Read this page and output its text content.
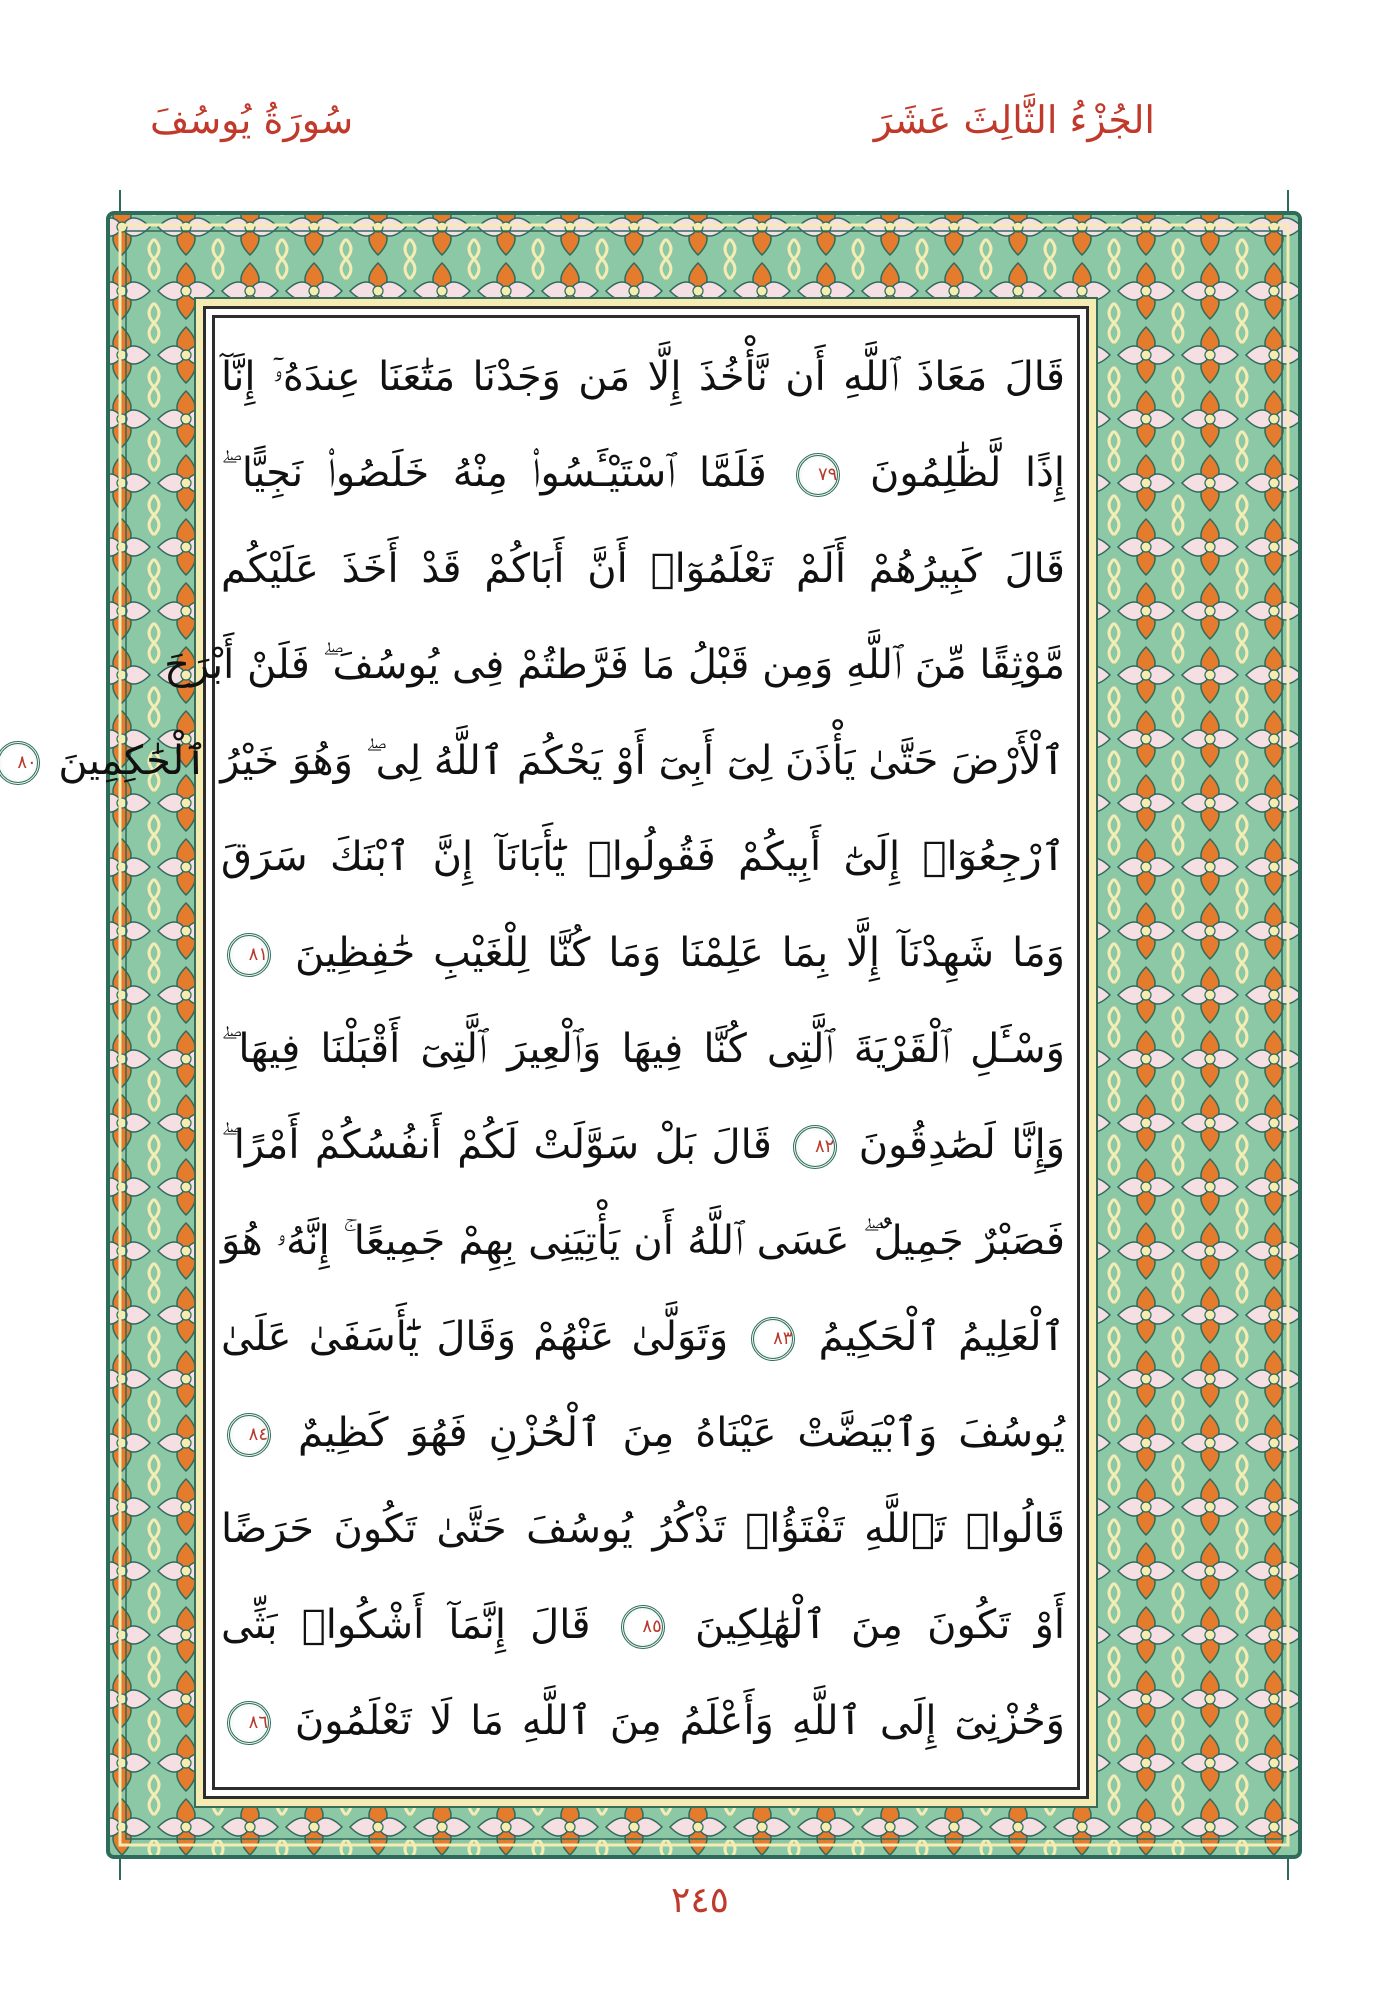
الجُزْءُ الثَّالِثَ عَشَرَ
سُورَةُ يُوسُفَ
قَالَ مَعَاذَ ٱللَّهِ أَن نَّأْخُذَ إِلَّا مَن وَجَدْنَا مَتَٰعَنَا عِندَهُۥٓ إِنَّآ
إِذًا لَّظَٰلِمُونَ ٧٩ فَلَمَّا ٱسْتَيْـَٔسُوا۟ مِنْهُ خَلَصُوا۟ نَجِيًّا ۖ
قَالَ كَبِيرُهُمْ أَلَمْ تَعْلَمُوٓا۟ أَنَّ أَبَاكُمْ قَدْ أَخَذَ عَلَيْكُم
مَّوْثِقًا مِّنَ ٱللَّهِ وَمِن قَبْلُ مَا فَرَّطتُمْ فِى يُوسُفَ ۖ فَلَنْ أَبْرَحَ
ٱلْأَرْضَ حَتَّىٰ يَأْذَنَ لِىٓ أَبِىٓ أَوْ يَحْكُمَ ٱللَّهُ لِى ۖ وَهُوَ خَيْرُ ٱلْحَٰكِمِينَ ٨٠
ٱرْجِعُوٓا۟ إِلَىٰٓ أَبِيكُمْ فَقُولُوا۟ يَٰٓأَبَانَآ إِنَّ ٱبْنَكَ سَرَقَ
وَمَا شَهِدْنَآ إِلَّا بِمَا عَلِمْنَا وَمَا كُنَّا لِلْغَيْبِ حَٰفِظِينَ ٨١
وَسْـَٔلِ ٱلْقَرْيَةَ ٱلَّتِى كُنَّا فِيهَا وَٱلْعِيرَ ٱلَّتِىٓ أَقْبَلْنَا فِيهَا ۖ
وَإِنَّا لَصَٰدِقُونَ ٨٢ قَالَ بَلْ سَوَّلَتْ لَكُمْ أَنفُسُكُمْ أَمْرًا ۖ
فَصَبْرٌ جَمِيلٌ ۖ عَسَى ٱللَّهُ أَن يَأْتِيَنِى بِهِمْ جَمِيعًا ۚ إِنَّهُۥ هُوَ
ٱلْعَلِيمُ ٱلْحَكِيمُ ٨٣ وَتَوَلَّىٰ عَنْهُمْ وَقَالَ يَٰٓأَسَفَىٰ عَلَىٰ
يُوسُفَ وَٱبْيَضَّتْ عَيْنَاهُ مِنَ ٱلْحُزْنِ فَهُوَ كَظِيمٌ ٨٤
قَالُوا۟ تَٱللَّهِ تَفْتَؤُا۟ تَذْكُرُ يُوسُفَ حَتَّىٰ تَكُونَ حَرَضًا
أَوْ تَكُونَ مِنَ ٱلْهَٰلِكِينَ ٨٥ قَالَ إِنَّمَآ أَشْكُوا۟ بَثِّى
وَحُزْنِىٓ إِلَى ٱللَّهِ وَأَعْلَمُ مِنَ ٱللَّهِ مَا لَا تَعْلَمُونَ ٨٦
٢٤٥
